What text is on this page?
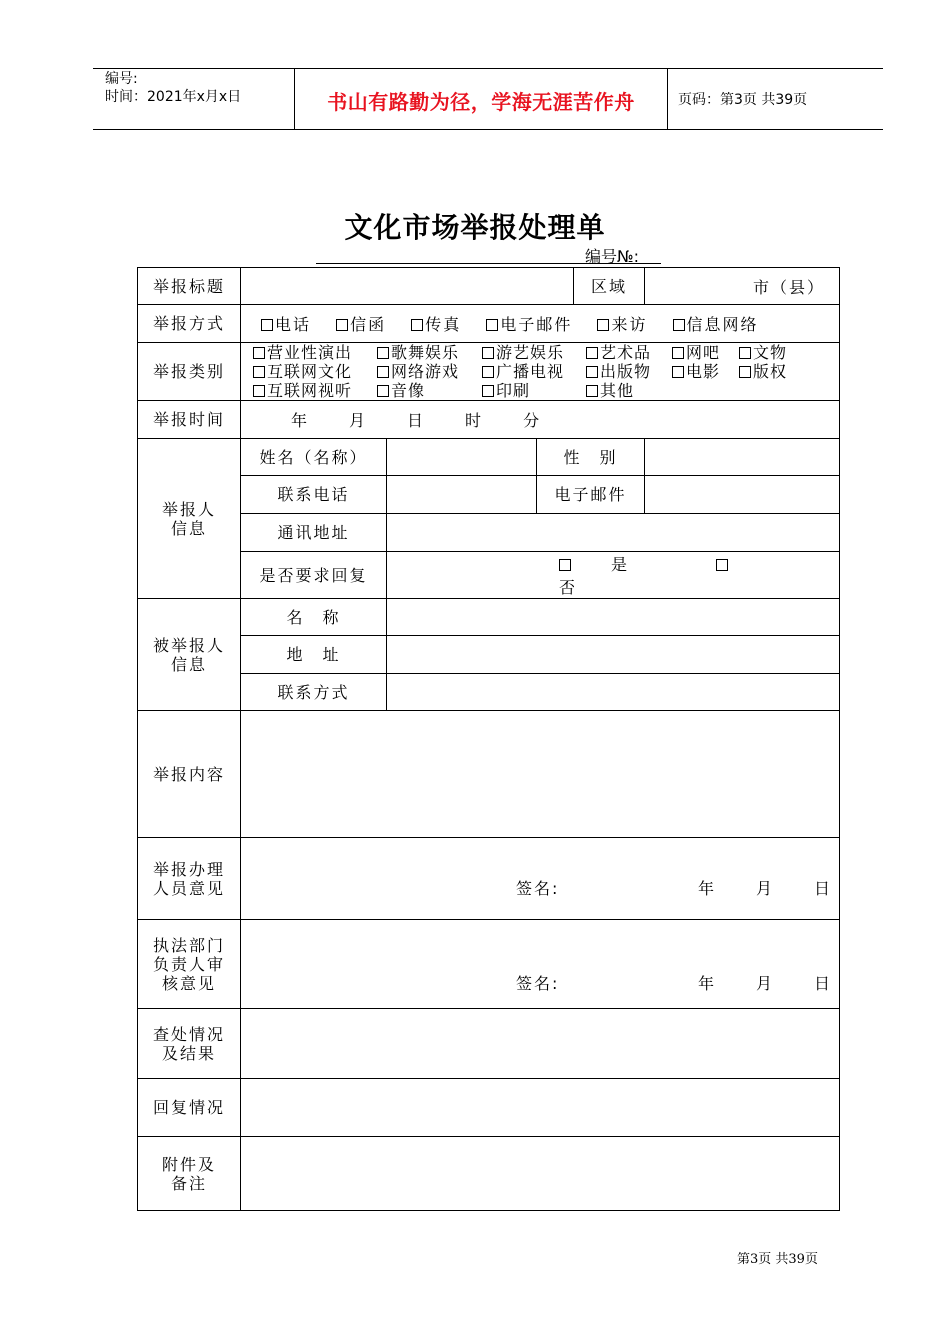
编号:
时间：2021年x月x日	书山有路勤为径，学海无涯苦作舟	页码：第3页 共39页
文化市场举报处理单
编号№:
举报标题				区域	市（县）
举报方式	电话 信函 传真 电子邮件 来访 信息网络				
举报类别	营业性演出 歌舞娱乐 游艺娱乐 艺术品 网吧 文物
互联网文化 网络游戏 广播电视 出版物 电影 版权
互联网视听 音像 印刷 其他				

举报时间	年 月 日 时 分				
举报人信息	姓名（名称）		性　别		
	联系电话		电子邮件		
	通讯地址				
	是否要求回复	是 否			
被举报人信息	名　称				
	地　址				
	联系方式				
举报内容					
举报办理人员意见	签名: 年 月 日				

执法部门负责人审核意见	签名: 年 月 日				

查处情况及结果					
回复情况					
附件及备注					
第3页 共39页
